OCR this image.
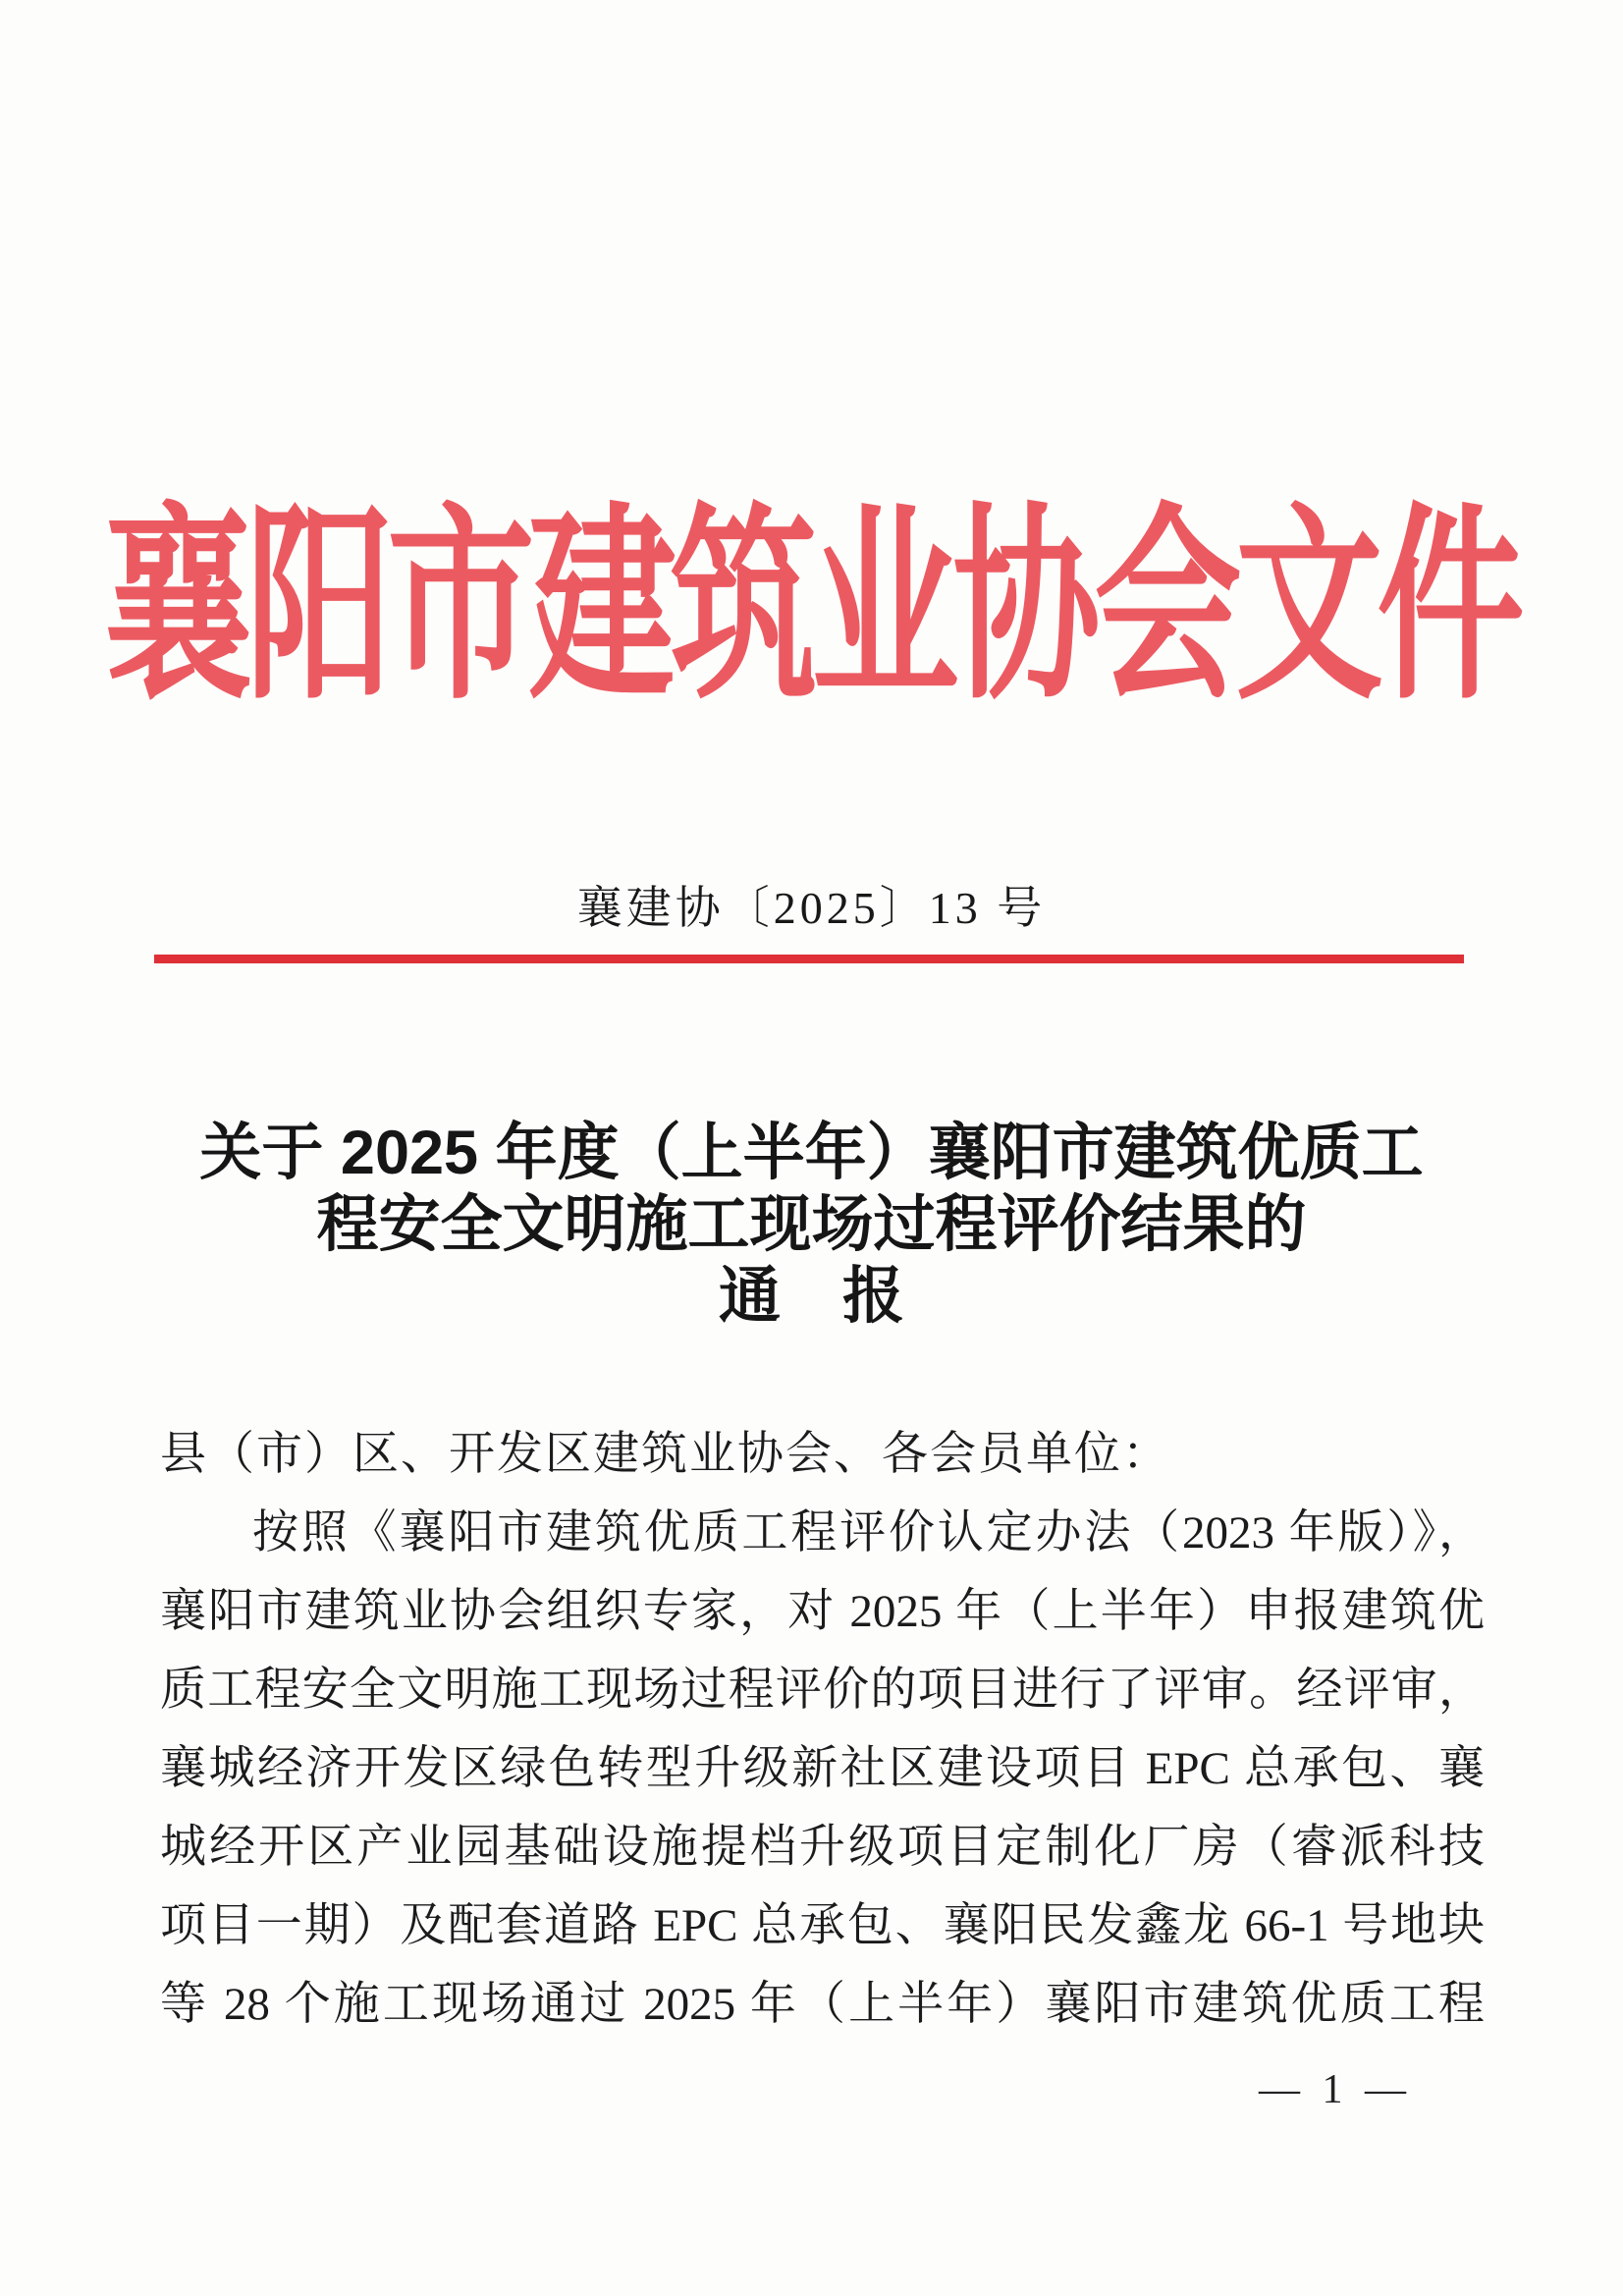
襄阳市建筑业协会文件
襄建协〔2025〕13 号
关于 2025 年度（上半年）襄阳市建筑优质工
程安全文明施工现场过程评价结果的
通　报
县（市）区、开发区建筑业协会、各会员单位：
按照《襄阳市建筑优质工程评价认定办法（2023 年版）》，
襄阳市建筑业协会组织专家，对 2025 年（上半年）申报建筑优
质工程安全文明施工现场过程评价的项目进行了评审。经评审，
襄城经济开发区绿色转型升级新社区建设项目 EPC 总承包、襄
城经开区产业园基础设施提档升级项目定制化厂房（睿派科技
项目一期）及配套道路 EPC 总承包、襄阳民发鑫龙 66-1 号地块
等 28 个施工现场通过 2025 年（上半年）襄阳市建筑优质工程
— 1 —
